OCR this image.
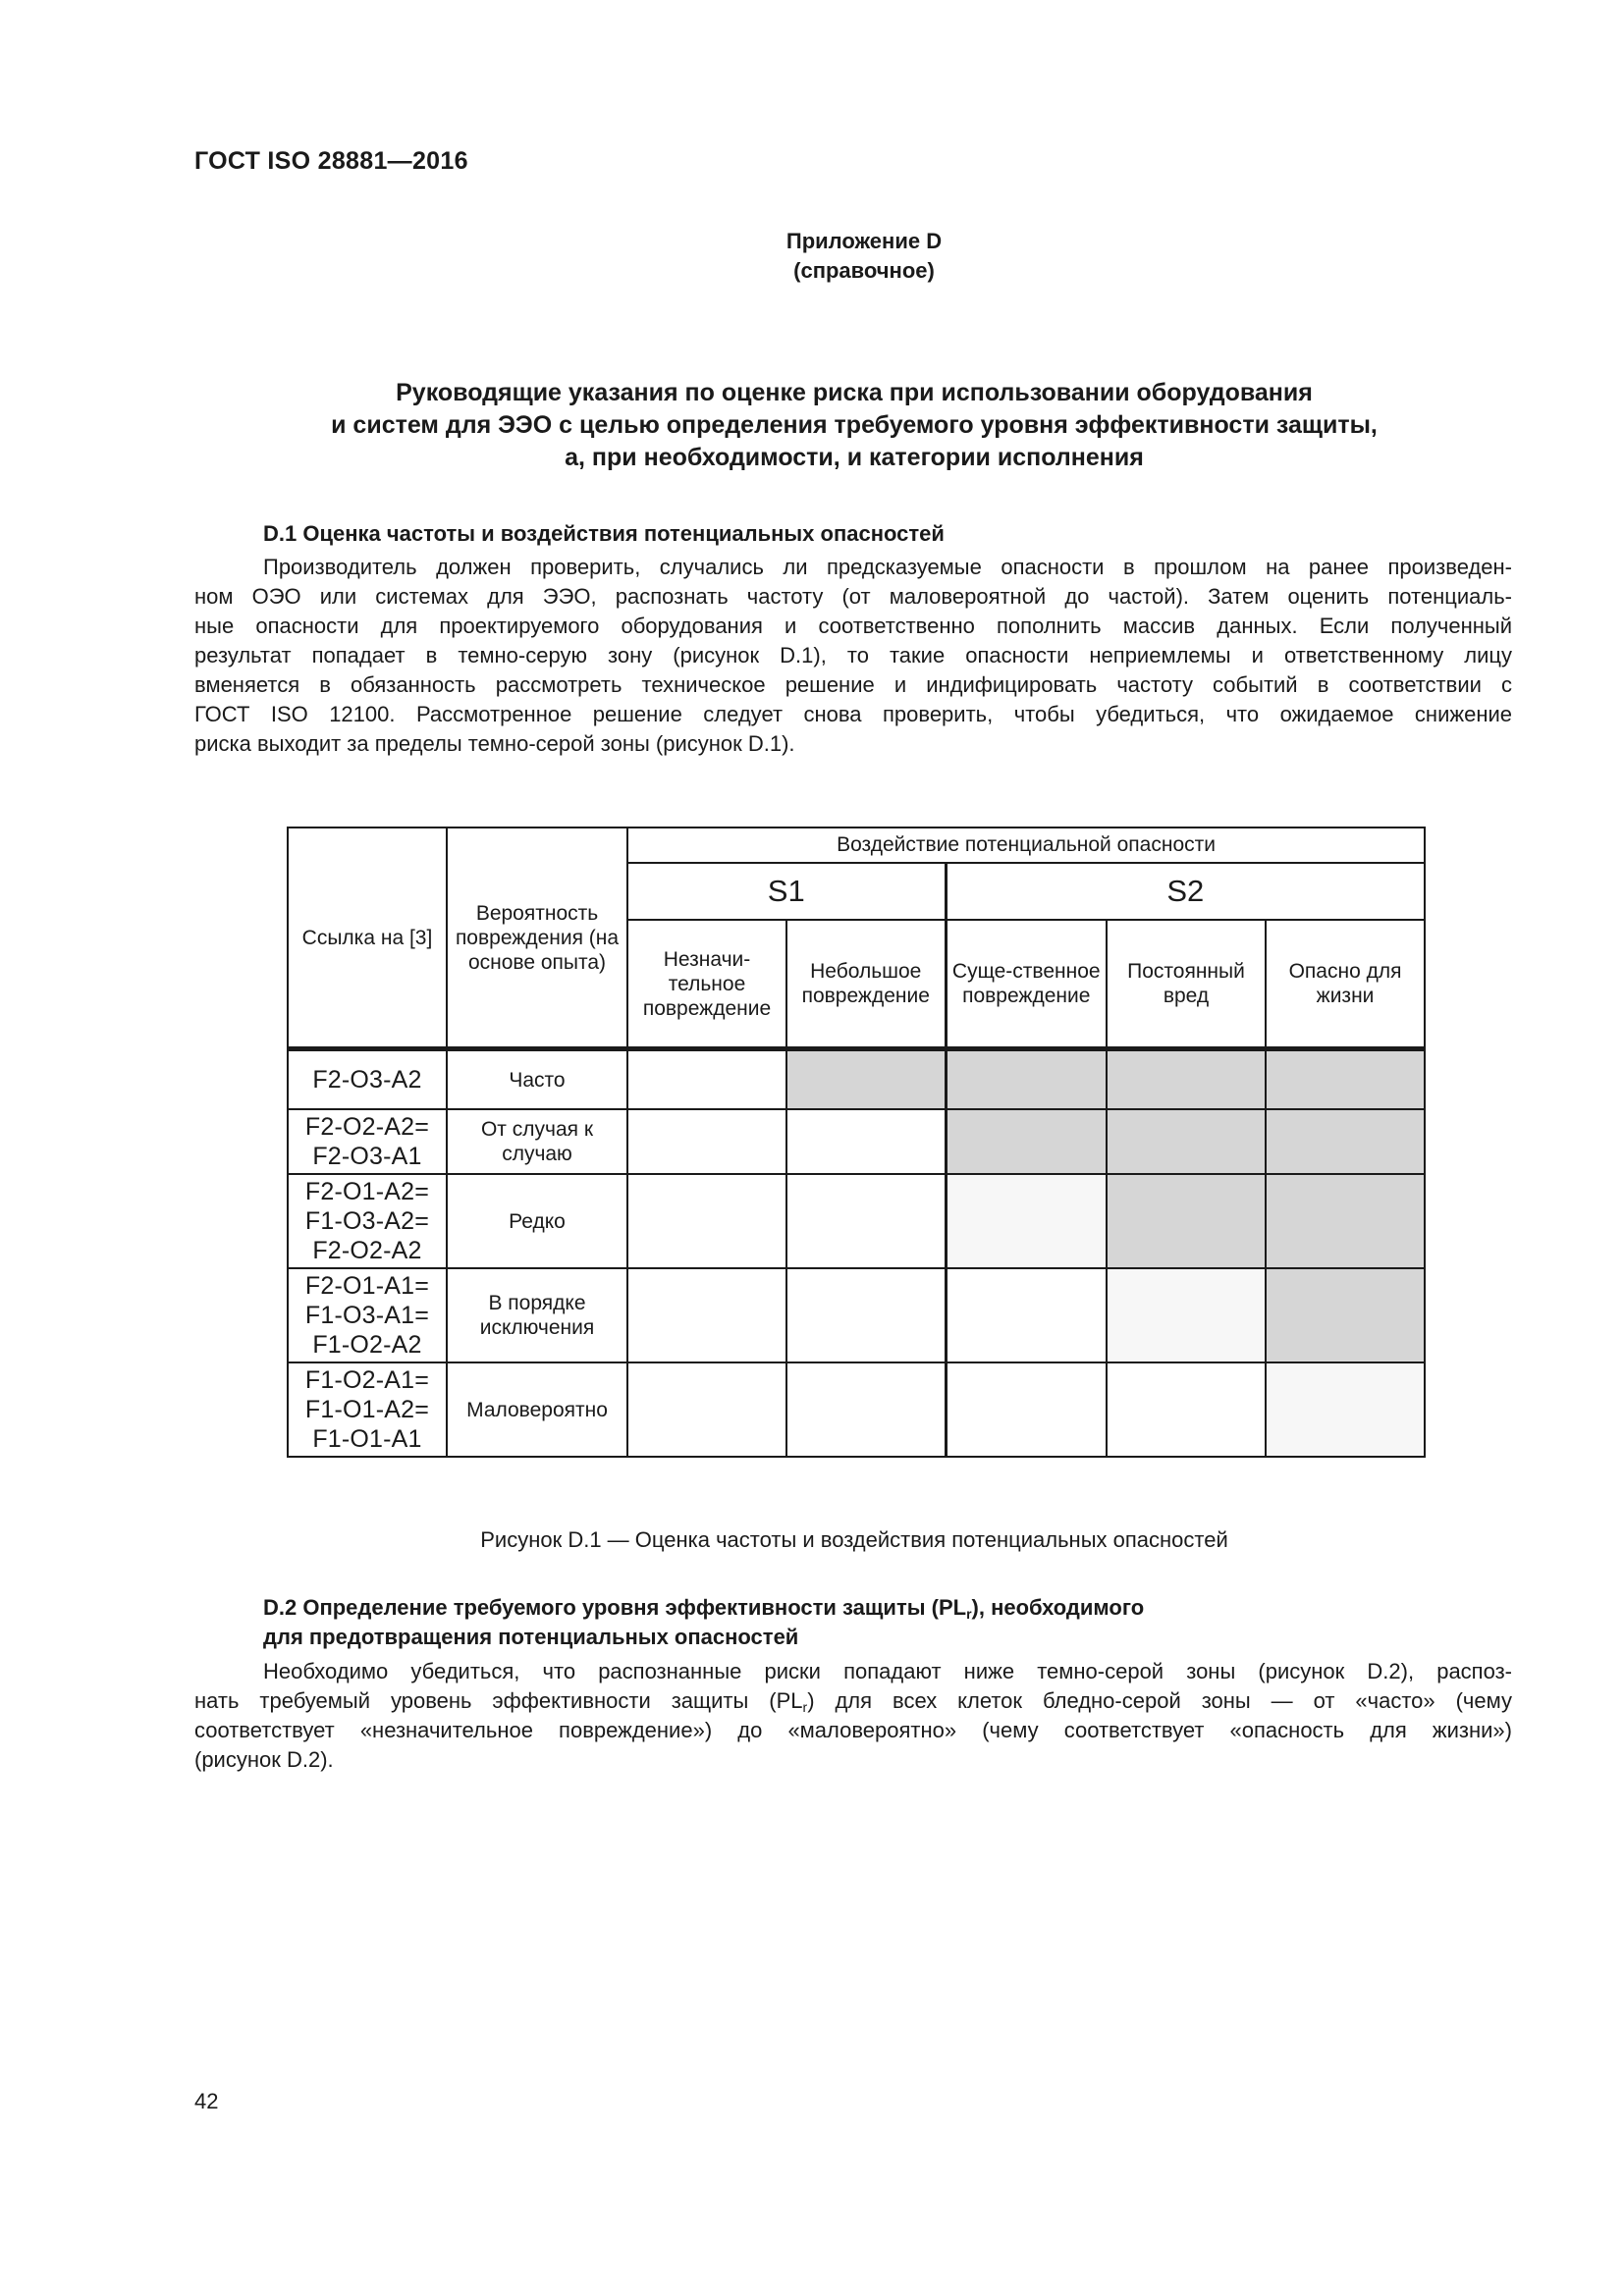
ГОСТ ISO 28881—2016
Приложение D
(справочное)
Руководящие указания по оценке риска при использовании оборудования
и систем для ЭЭО с целью определения требуемого уровня эффективности защиты,
а, при необходимости, и категории исполнения
D.1 Оценка частоты и воздействия потенциальных опасностей
Производитель должен проверить, случались ли предсказуемые опасности в прошлом на ранее произведен-
ном ОЭО или системах для ЭЭО, распознать частоту (от маловероятной до частой). Затем оценить потенциаль-
ные опасности для проектируемого оборудования и соответственно пополнить массив данных. Если полученный
результат попадает в темно-серую зону (рисунок D.1), то такие опасности неприемлемы и ответственному лицу
вменяется в обязанность рассмотреть техническое решение и индифицировать частоту событий в соответствии с
ГОСТ ISO 12100. Рассмотренное решение следует снова проверить, чтобы убедиться, что ожидаемое снижение
риска выходит за пределы темно-серой зоны (рисунок D.1).
Ссылка на [3]	Вероятность повреждения (на основе опыта)	Воздействие потенциальной опасности				
		S1		S2		
		Незначи-тельное повреждение	Небольшое повреждение	Суще-ственное повреждение	Постоянный вред	Опасно для жизни
F2-O3-A2	Часто					

F2-O2-A2=
F2-O3-A1	От случая к случаю					

F2-O1-A2=
F1-O3-A2=
F2-O2-A2	Редко					

F2-O1-A1=
F1-O3-A1=
F1-O2-A2	В порядке исключения					

F1-O2-A1=
F1-O1-A2=
F1-O1-A1	Маловероятно					
Рисунок D.1 — Оценка частоты и воздействия потенциальных опасностей
D.2 Определение требуемого уровня эффективности защиты $(PL_r)$, необходимого
для предотвращения потенциальных опасностей
Необходимо убедиться, что распознанные риски попадают ниже темно-серой зоны (рисунок D.2), распоз-
нать требуемый уровень эффективности защиты $(PL_r)$ для всех клеток бледно-серой зоны — от «часто» (чему
соответствует «незначительное повреждение») до «маловероятно» (чему соответствует «опасность для жизни»)
(рисунок D.2).
42
